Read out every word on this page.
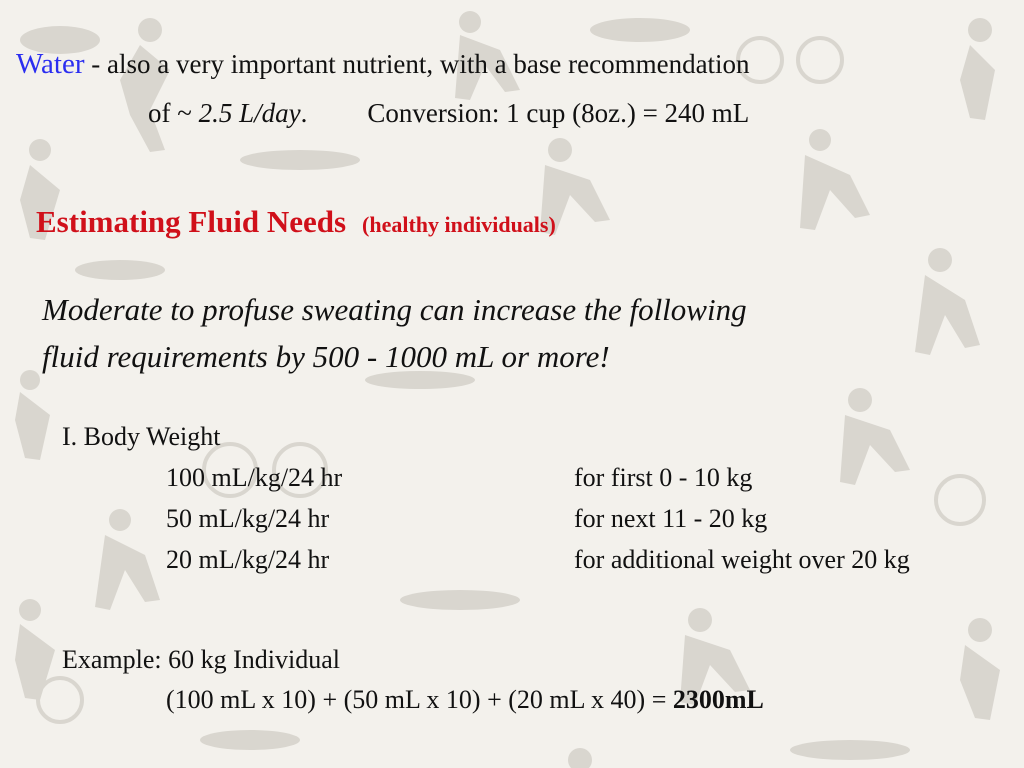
Water - also a very important nutrient, with a base recommendation
of ~ 2.5 L/day. Conversion: 1 cup (8oz.) = 240 mL
Estimating Fluid Needs (healthy individuals)
Moderate to profuse sweating can increase the following
fluid requirements by 500 - 1000 mL or more!
I. Body Weight
100 mL/kg/24 hr	for first 0 - 10 kg
50 mL/kg/24 hr	for next 11 - 20 kg
20 mL/kg/24 hr	for additional weight over 20 kg
Example: 60 kg Individual
(100 mL x 10) + (50 mL x 10) + (20 mL x 40) = 2300mL
